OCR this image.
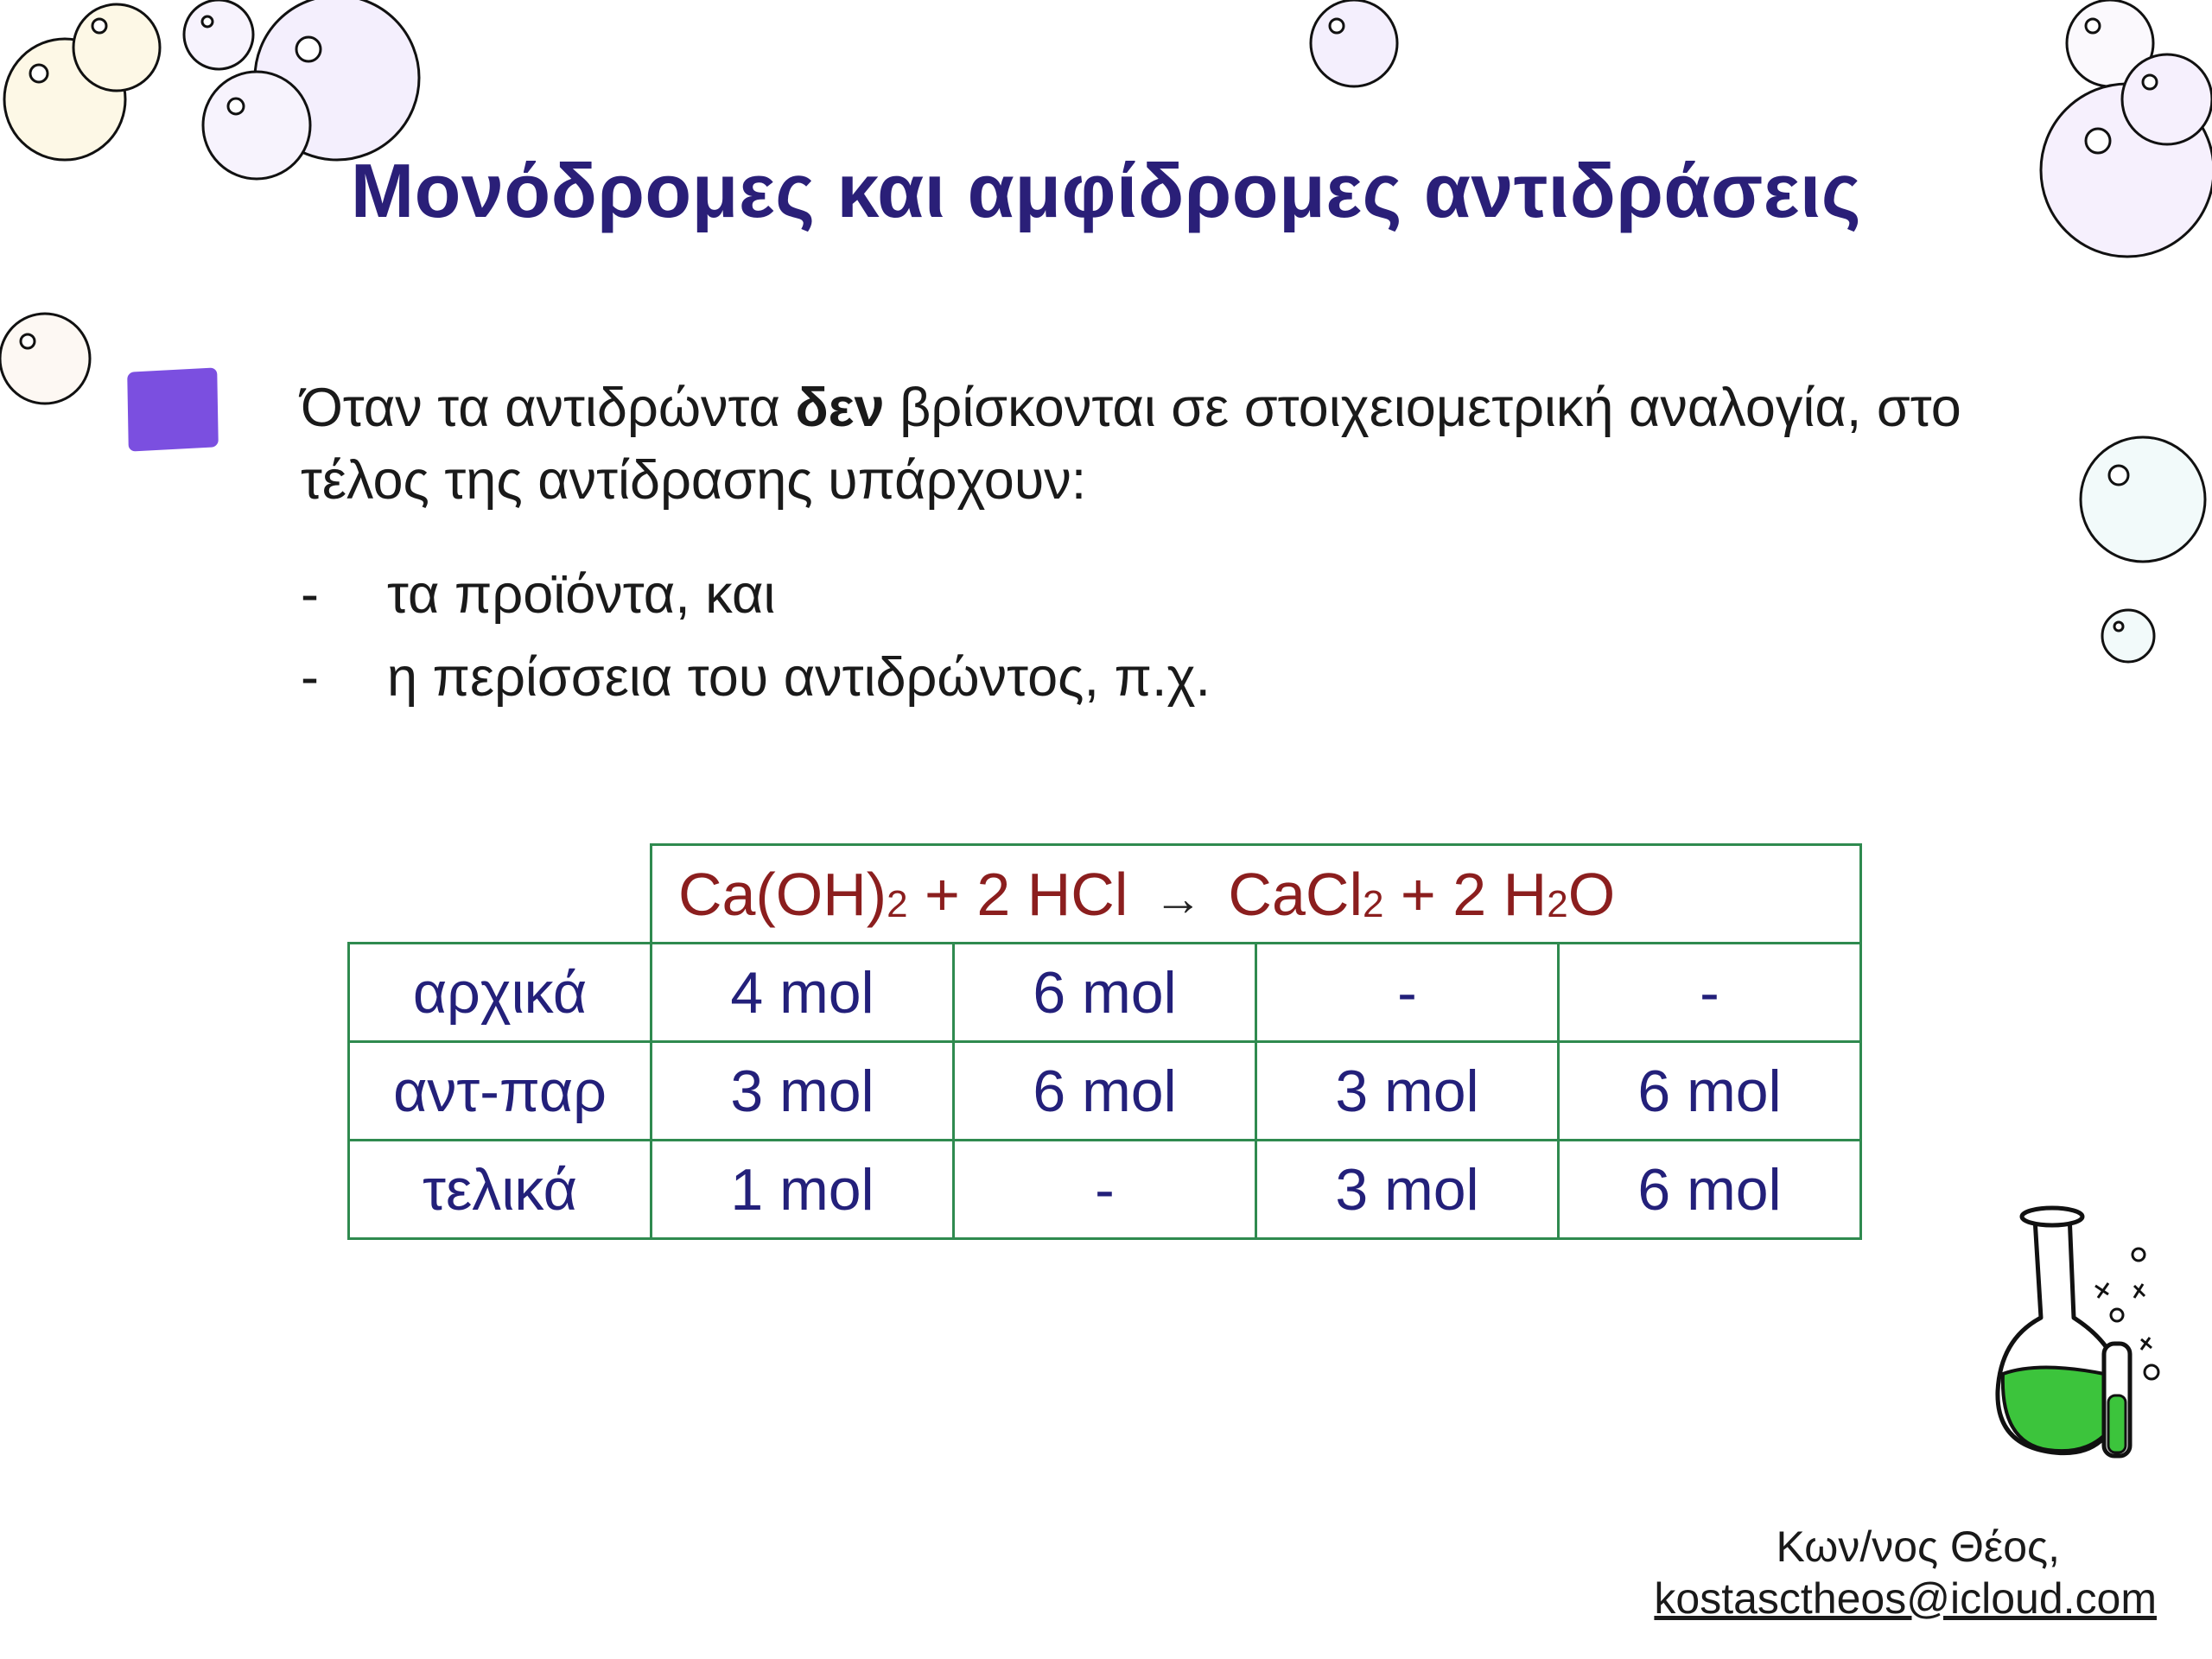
Μονόδρομες και αμφίδρομες αντιδράσεις
Όταν τα αντιδρώντα δεν βρίσκονται σε στοιχειομετρική αναλογία, στο τέλος της αντίδρασης υπάρχουν:
-	τα προϊόντα, και
-	η περίσσεια του αντιδρώντος, π.χ.
	$Ca(OH)_2 + 2$ HCl → CaCl$_2$ + 2 $H_2O$			
αρχικά	4 mol	6 mol	-	-
αντ-παρ	3 mol	6 mol	3 mol	6 mol
τελικά	1 mol	-	3 mol	6 mol
Κων/νος Θέος,
kostasctheos@icloud.com
